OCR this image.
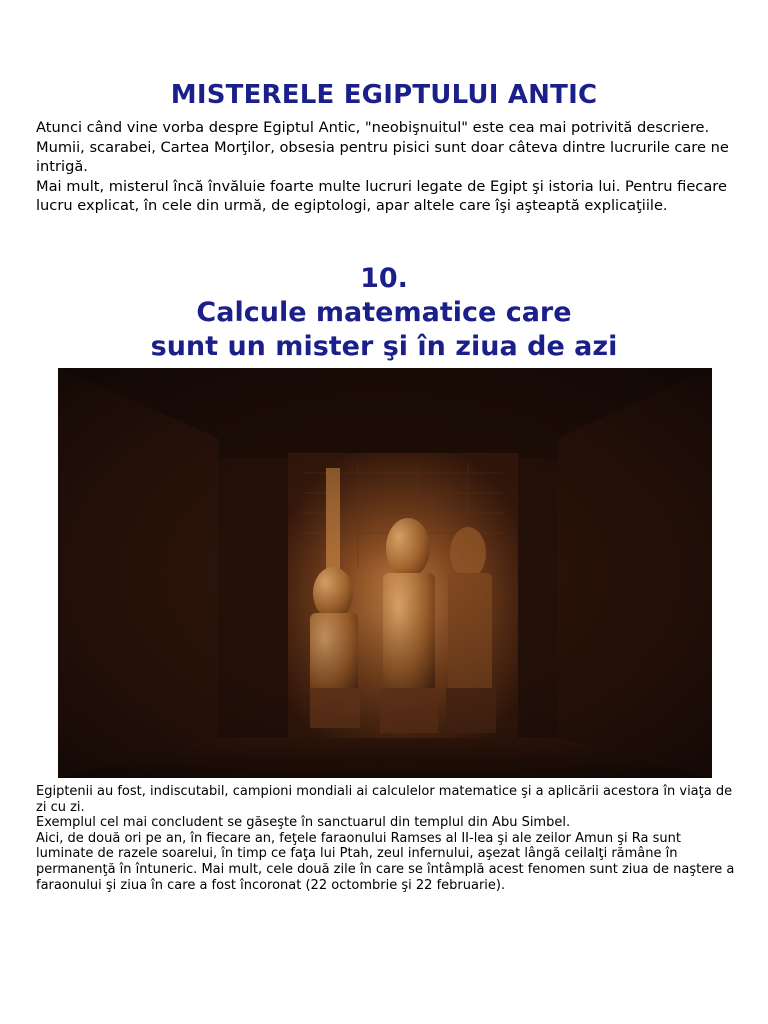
MISTERELE EGIPTULUI ANTIC

Atunci când vine vorba despre Egiptul Antic, "neobişnuitul" este cea mai potrivită descriere.

Mumii, scarabei, Cartea Morţilor, obsesia pentru pisici sunt doar câteva dintre lucrurile care ne intrigă.

Mai mult, misterul încă învăluie foarte multe lucruri legate de Egipt şi istoria lui. Pentru fiecare lucru explicat, în cele din urmă, de egiptologi, apar altele care îşi aşteaptă explicaţiile.

10.
Calcule matematice care
sunt un mister şi în ziua de azi

Egiptenii au fost, indiscutabil, campioni mondiali ai calculelor matematice şi a aplicării acestora în viaţa de zi cu zi.

Exemplul cel mai concludent se găseşte în sanctuarul din templul din Abu Simbel.

Aici, de două ori pe an, în fiecare an, feţele faraonului Ramses al II-lea şi ale zeilor Amun şi Ra sunt luminate de razele soarelui, în timp ce faţa lui Ptah, zeul infernului, aşezat lângă ceilalţi rămâne în permanenţă în întuneric. Mai mult, cele două zile în care se întâmplă acest fenomen sunt ziua de naştere a faraonului şi ziua în care a fost încoronat (22 octombrie şi 22 februarie).
